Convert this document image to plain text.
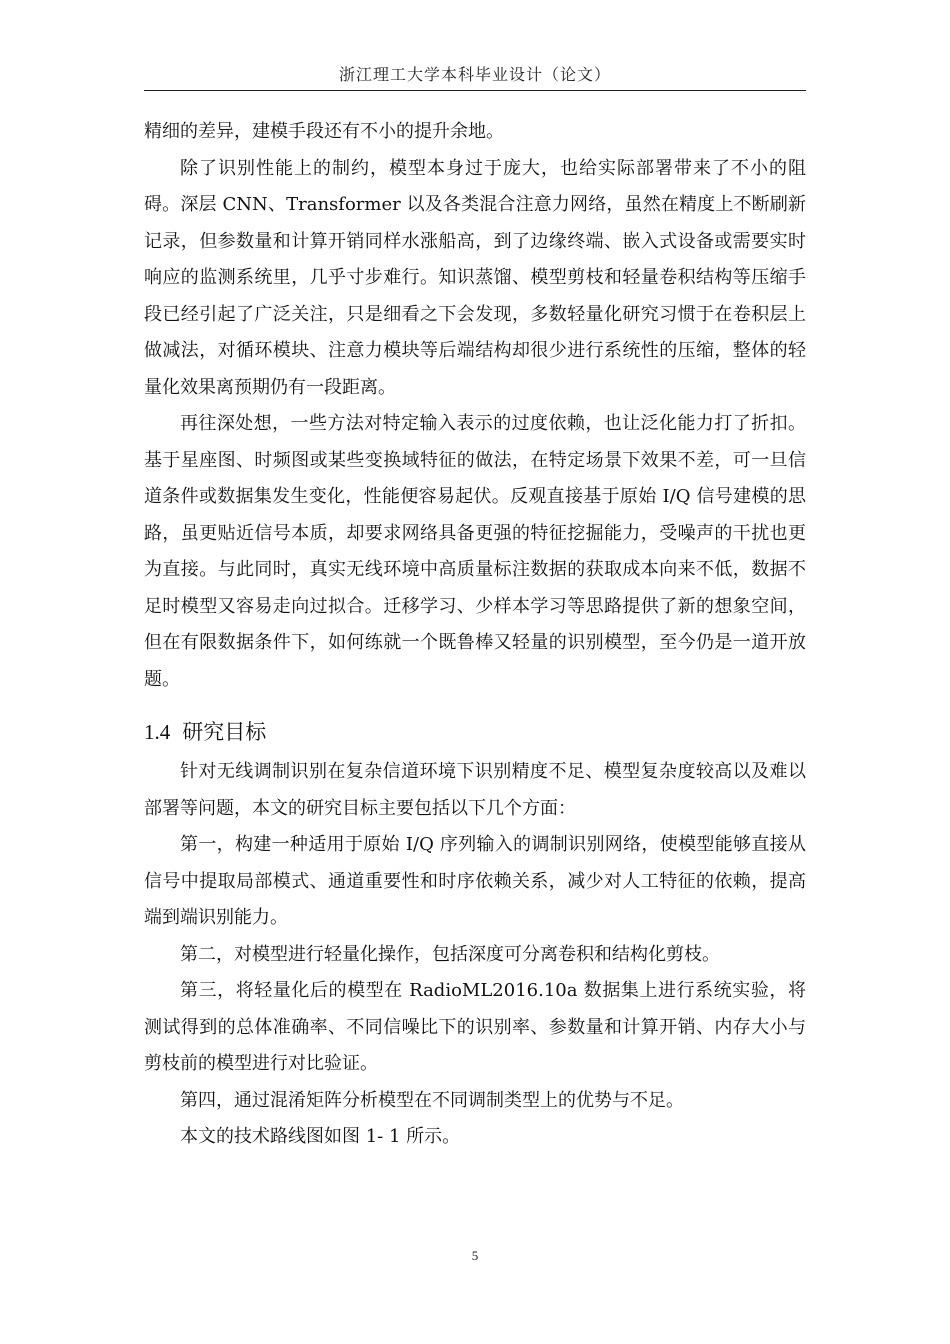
浙江理工大学本科毕业设计（论文）

精细的差异，建模手段还有不小的提升余地。

除了识别性能上的制约，模型本身过于庞大，也给实际部署带来了不小的阻碍。深层 CNN、Transformer 以及各类混合注意力网络，虽然在精度上不断刷新记录，但参数量和计算开销同样水涨船高，到了边缘终端、嵌入式设备或需要实时响应的监测系统里，几乎寸步难行。知识蒸馏、模型剪枝和轻量卷积结构等压缩手段已经引起了广泛关注，只是细看之下会发现，多数轻量化研究习惯于在卷积层上做减法，对循环模块、注意力模块等后端结构却很少进行系统性的压缩，整体的轻量化效果离预期仍有一段距离。

再往深处想，一些方法对特定输入表示的过度依赖，也让泛化能力打了折扣。基于星座图、时频图或某些变换域特征的做法，在特定场景下效果不差，可一旦信道条件或数据集发生变化，性能便容易起伏。反观直接基于原始 I/Q 信号建模的思路，虽更贴近信号本质，却要求网络具备更强的特征挖掘能力，受噪声的干扰也更为直接。与此同时，真实无线环境中高质量标注数据的获取成本向来不低，数据不足时模型又容易走向过拟合。迁移学习、少样本学习等思路提供了新的想象空间，但在有限数据条件下，如何练就一个既鲁棒又轻量的识别模型，至今仍是一道开放题。

1.4 研究目标

针对无线调制识别在复杂信道环境下识别精度不足、模型复杂度较高以及难以部署等问题，本文的研究目标主要包括以下几个方面：

第一，构建一种适用于原始 I/Q 序列输入的调制识别网络，使模型能够直接从信号中提取局部模式、通道重要性和时序依赖关系，减少对人工特征的依赖，提高端到端识别能力。

第二，对模型进行轻量化操作，包括深度可分离卷积和结构化剪枝。

第三，将轻量化后的模型在 RadioML2016.10a 数据集上进行系统实验，将测试得到的总体准确率、不同信噪比下的识别率、参数量和计算开销、内存大小与剪枝前的模型进行对比验证。

第四，通过混淆矩阵分析模型在不同调制类型上的优势与不足。

本文的技术路线图如图 1- 1 所示。

5
